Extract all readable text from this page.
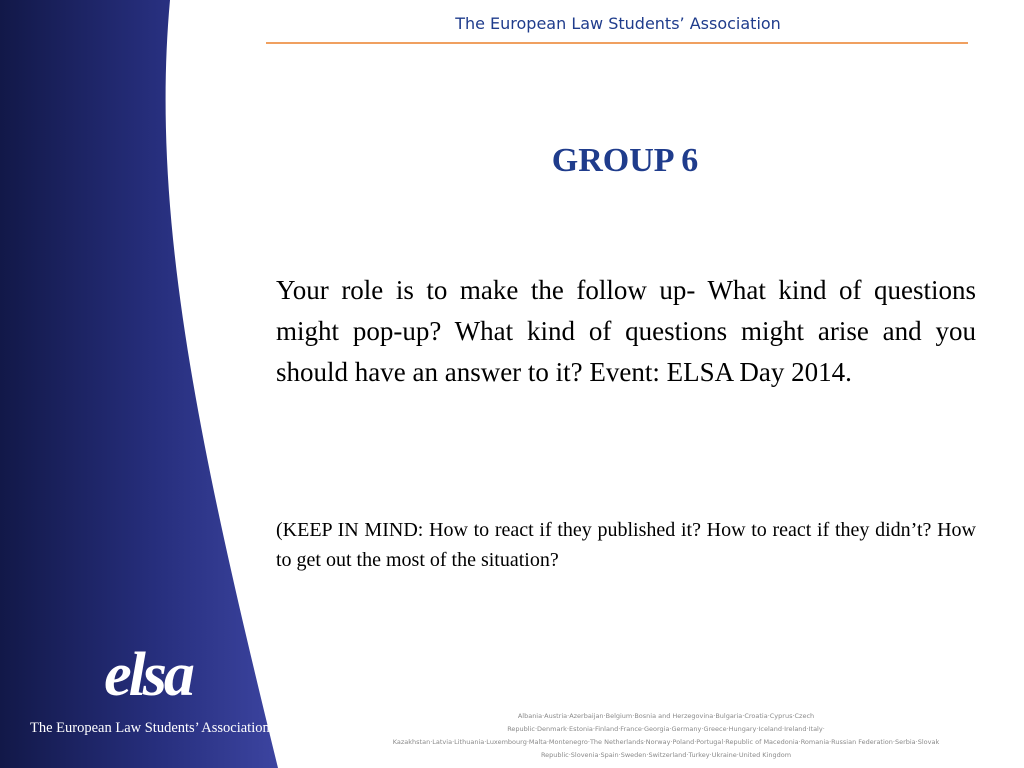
The European Law Students’ Association
GROUP 6

Your role is to make the follow up- What kind of questions might pop-up? What kind of questions might arise and you should have an answer to it? Event: ELSA Day 2014.

(KEEP IN MIND: How to react if they published it? How to react if they didn’t? How to get out the most of the situation?

elsa
The European Law Students’ Association
Albania·Austria·Azerbaijan·Belgium·Bosnia and Herzegovina·Bulgaria·Croatia·Cyprus·Czech Republic·Denmark·Estonia·Finland·France·Georgia·Germany·Greece·Hungary·Iceland·Ireland·Italy·
Kazakhstan·Latvia·Lithuania·Luxembourg·Malta·Montenegro·The Netherlands·Norway·Poland·Portugal·Republic of Macedonia·Romania·Russian Federation·Serbia·Slovak
Republic·Slovenia·Spain·Sweden·Switzerland·Turkey·Ukraine·United Kingdom
